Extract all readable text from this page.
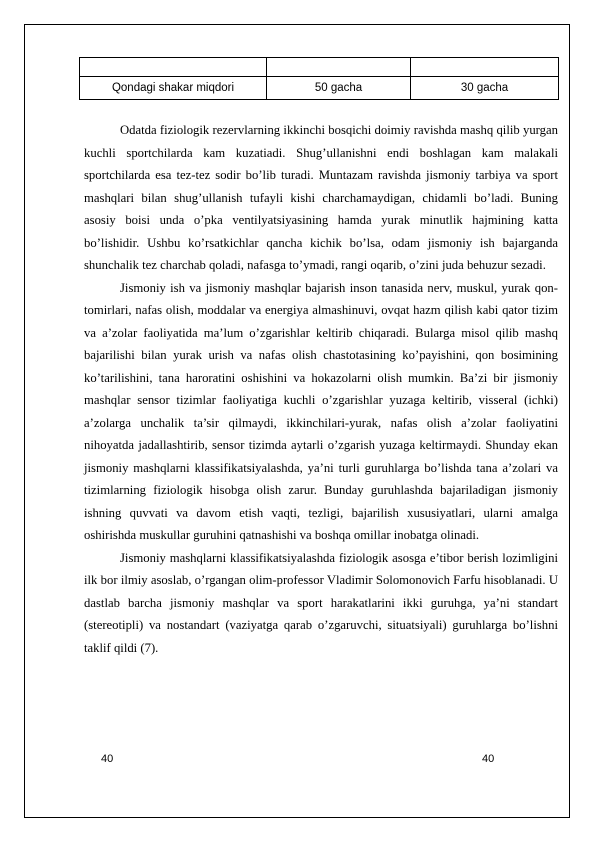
Qondagi shakar miqdori	50 gacha	30 gacha

Odatda fiziologik rezervlarning ikkinchi bosqichi doimiy ravishda mashq qilib yurgan kuchli sportchilarda kam kuzatiadi. Shug’ullanishni endi boshlagan kam malakali sportchilarda esa tez-tez sodir bo’lib turadi. Muntazam ravishda jismoniy tarbiya va sport mashqlari bilan shug’ullanish tufayli kishi charchamaydigan, chidamli bo’ladi. Buning asosiy boisi unda o’pka ventilyatsiyasining hamda yurak minutlik hajmining katta bo’lishidir. Ushbu ko’rsatkichlar qancha kichik bo’lsa, odam jismoniy ish bajarganda shunchalik tez charchab qoladi, nafasga to’ymadi, rangi oqarib, o’zini juda behuzur sezadi.

Jismoniy ish va jismoniy mashqlar bajarish inson tanasida nerv, muskul, yurak qon-tomirlari, nafas olish, moddalar va energiya almashinuvi, ovqat hazm qilish kabi qator tizim va a’zolar faoliyatida ma’lum o’zgarishlar keltirib chiqaradi. Bularga misol qilib mashq bajarilishi bilan yurak urish va nafas olish chastotasining ko’payishini, qon bosimining ko’tarilishini, tana haroratini oshishini va hokazolarni olish mumkin. Ba’zi bir jismoniy mashqlar sensor tizimlar faoliyatiga kuchli o’zgarishlar yuzaga keltirib, visseral (ichki) a’zolarga unchalik ta’sir qilmaydi, ikkinchilari-yurak, nafas olish a’zolar faoliyatini nihoyatda jadallashtirib, sensor tizimda aytarli o’zgarish yuzaga keltirmaydi. Shunday ekan jismoniy mashqlarni klassifikatsiyalashda, ya’ni turli guruhlarga bo’lishda tana a’zolari va tizimlarning fiziologik hisobga olish zarur. Bunday guruhlashda bajariladigan jismoniy ishning quvvati va davom etish vaqti, tezligi, bajarilish xususiyatlari, ularni amalga oshirishda muskullar guruhini qatnashishi va boshqa omillar inobatga olinadi.

Jismoniy mashqlarni klassifikatsiyalashda fiziologik asosga e’tibor berish lozimligini ilk bor ilmiy asoslab, o’rgangan olim-professor Vladimir Solomonovich Farfu hisoblanadi. U dastlab barcha jismoniy mashqlar va sport harakatlarini ikki guruhga, ya’ni standart (stereotipli) va nostandart (vaziyatga qarab o’zgaruvchi, situatsiyali) guruhlarga bo’lishni taklif qildi (7).

40	40
